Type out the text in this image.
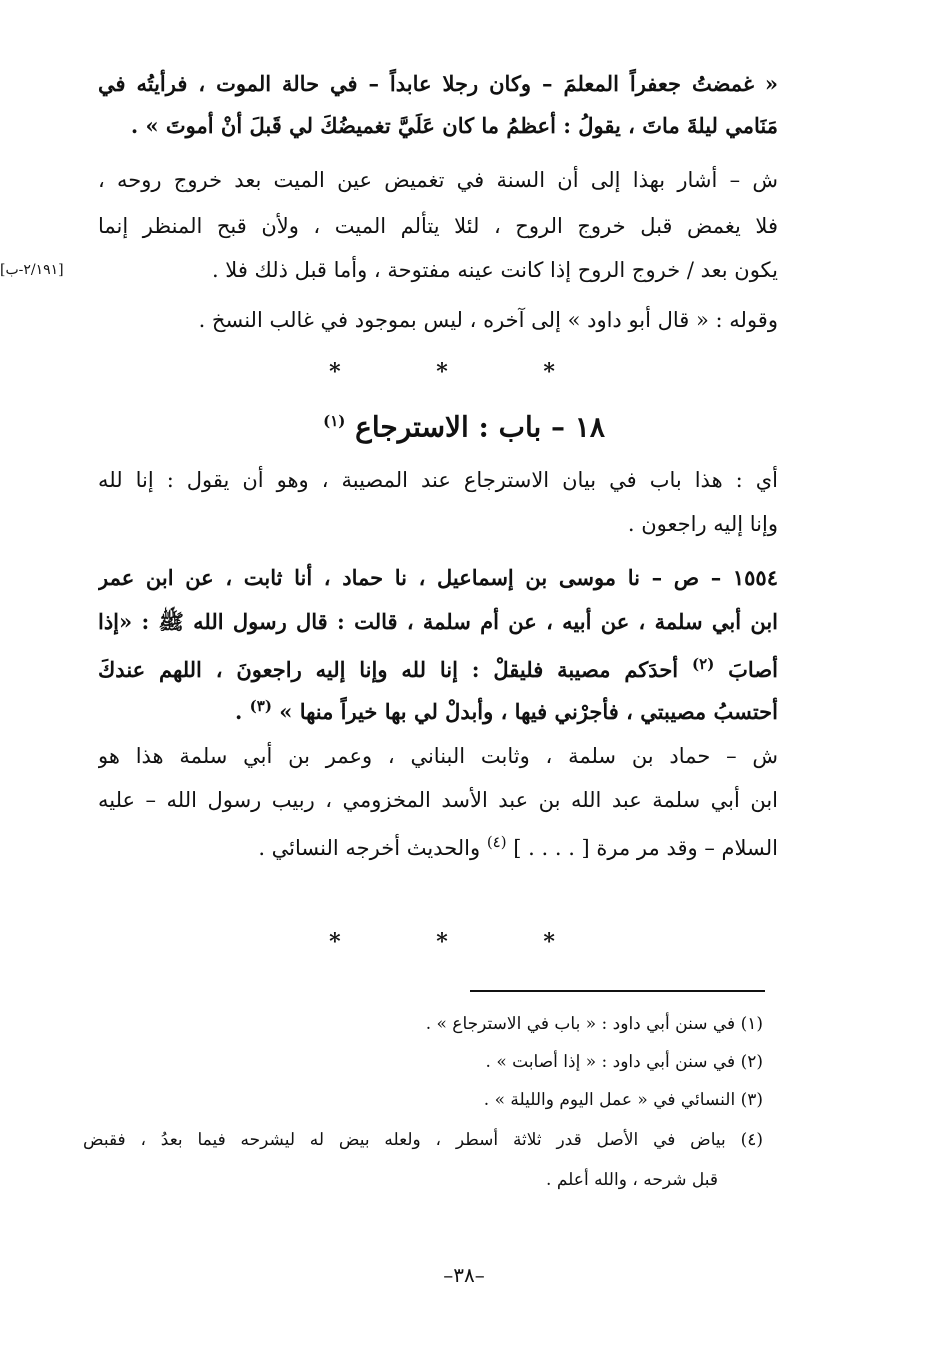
« غمضتُ جعفراً المعلمَ – وكان رجلا عابداً – في حالة الموت ، فرأيتُه في
مَنَامي ليلةَ ماتَ ، يقولُ : أعظمُ ما كان عَلَيَّ تغميضُكَ لي قَبلَ أنْ أموتَ » .
ش – أشار بهذا إلى أن السنة في تغميض عين الميت بعد خروج روحه ،
فلا يغمض قبل خروج الروح ، لئلا يتألم الميت ، ولأن قبح المنظر إنما
يكون بعد / خروج الروح إذا كانت عينه مفتوحة ، وأما قبل ذلك فلا .
[٢/١٩١-ب]
وقوله : « قال أبو داود » إلى آخره ، ليس بموجود في غالب النسخ .
* * *
١٨ – باب : الاسترجاع $^{(١)}$
أي : هذا باب في بيان الاسترجاع عند المصيبة ، وهو أن يقول : إنا لله
وإنا إليه راجعون .
١٥٥٤ – ص – نا موسى بن إسماعيل ، نا حماد ، أنا ثابت ، عن ابن عمر
ابن أبي سلمة ، عن أبيه ، عن أم سلمة ، قالت : قال رسول الله ﷺ : «إذا
أصابَ $^{(٢)}$ أحدَكم مصيبة فليقلْ : إنا لله وإنا إليه راجعونَ ، اللهم عندكَ
أحتسبُ مصيبتي ، فأجرْني فيها ، وأبدلْ لي بها خيراً منها » $^{(٣)}$ .
ش – حماد بن سلمة ، وثابت البناني ، وعمر بن أبي سلمة هذا هو
ابن أبي سلمة عبد الله بن عبد الأسد المخزومي ، ربيب رسول الله – عليه
السلام – وقد مر مرة [ . . . . ] $^{(٤)}$ والحديث أخرجه النسائي .
* * *
(١) في سنن أبي داود : « باب في الاسترجاع » .
(٢) في سنن أبي داود : « إذا أصابت » .
(٣) النسائي في « عمل اليوم والليلة » .
(٤) بياض في الأصل قدر ثلاثة أسطر ، ولعله بيض له ليشرحه فيما بعدُ ، فقبض
قبل شرحه ، والله أعلم .
–٣٨–
